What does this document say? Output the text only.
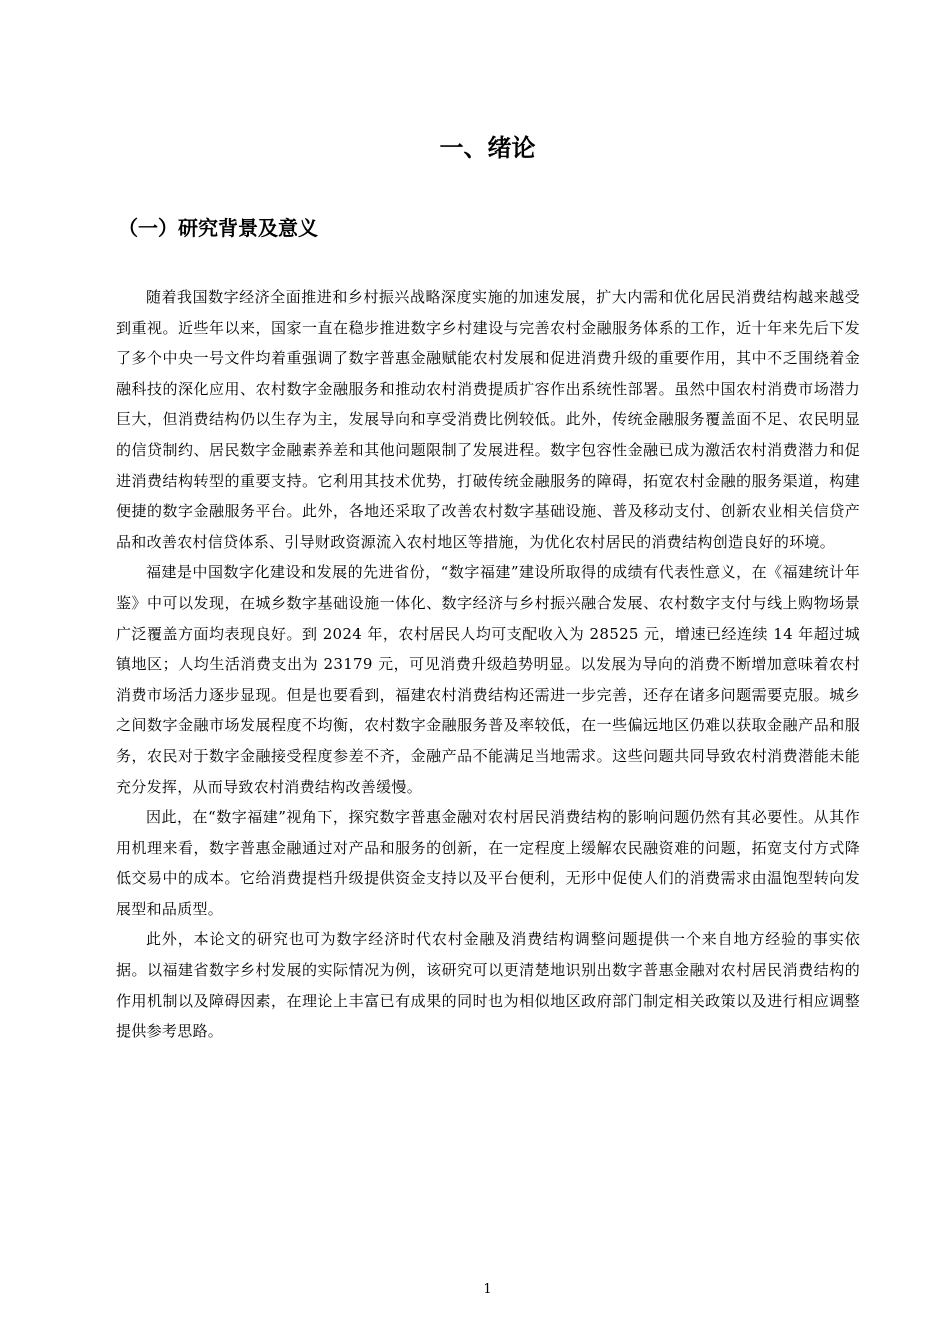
一、绪论
（一）研究背景及意义

随着我国数字经济全面推进和乡村振兴战略深度实施的加速发展，扩大内需和优化居民消费结构越来越受到重视。近些年以来，国家一直在稳步推进数字乡村建设与完善农村金融服务体系的工作，近十年来先后下发了多个中央一号文件均着重强调了数字普惠金融赋能农村发展和促进消费升级的重要作用，其中不乏围绕着金融科技的深化应用、农村数字金融服务和推动农村消费提质扩容作出系统性部署。虽然中国农村消费市场潜力巨大，但消费结构仍以生存为主，发展导向和享受消费比例较低。此外，传统金融服务覆盖面不足、农民明显的信贷制约、居民数字金融素养差和其他问题限制了发展进程。数字包容性金融已成为激活农村消费潜力和促进消费结构转型的重要支持。它利用其技术优势，打破传统金融服务的障碍，拓宽农村金融的服务渠道，构建便捷的数字金融服务平台。此外，各地还采取了改善农村数字基础设施、普及移动支付、创新农业相关信贷产品和改善农村信贷体系、引导财政资源流入农村地区等措施，为优化农村居民的消费结构创造良好的环境。

福建是中国数字化建设和发展的先进省份，“数字福建”建设所取得的成绩有代表性意义，在《福建统计年鉴》中可以发现，在城乡数字基础设施一体化、数字经济与乡村振兴融合发展、农村数字支付与线上购物场景广泛覆盖方面均表现良好。到 2024 年，农村居民人均可支配收入为 28525 元，增速已经连续 14 年超过城镇地区；人均生活消费支出为 23179 元，可见消费升级趋势明显。以发展为导向的消费不断增加意味着农村消费市场活力逐步显现。但是也要看到，福建农村消费结构还需进一步完善，还存在诸多问题需要克服。城乡之间数字金融市场发展程度不均衡，农村数字金融服务普及率较低，在一些偏远地区仍难以获取金融产品和服务，农民对于数字金融接受程度参差不齐，金融产品不能满足当地需求。这些问题共同导致农村消费潜能未能充分发挥，从而导致农村消费结构改善缓慢。

因此，在“数字福建”视角下，探究数字普惠金融对农村居民消费结构的影响问题仍然有其必要性。从其作用机理来看，数字普惠金融通过对产品和服务的创新，在一定程度上缓解农民融资难的问题，拓宽支付方式降低交易中的成本。它给消费提档升级提供资金支持以及平台便利，无形中促使人们的消费需求由温饱型转向发展型和品质型。

此外，本论文的研究也可为数字经济时代农村金融及消费结构调整问题提供一个来自地方经验的事实依据。以福建省数字乡村发展的实际情况为例，该研究可以更清楚地识别出数字普惠金融对农村居民消费结构的作用机制以及障碍因素，在理论上丰富已有成果的同时也为相似地区政府部门制定相关政策以及进行相应调整提供参考思路。

1
